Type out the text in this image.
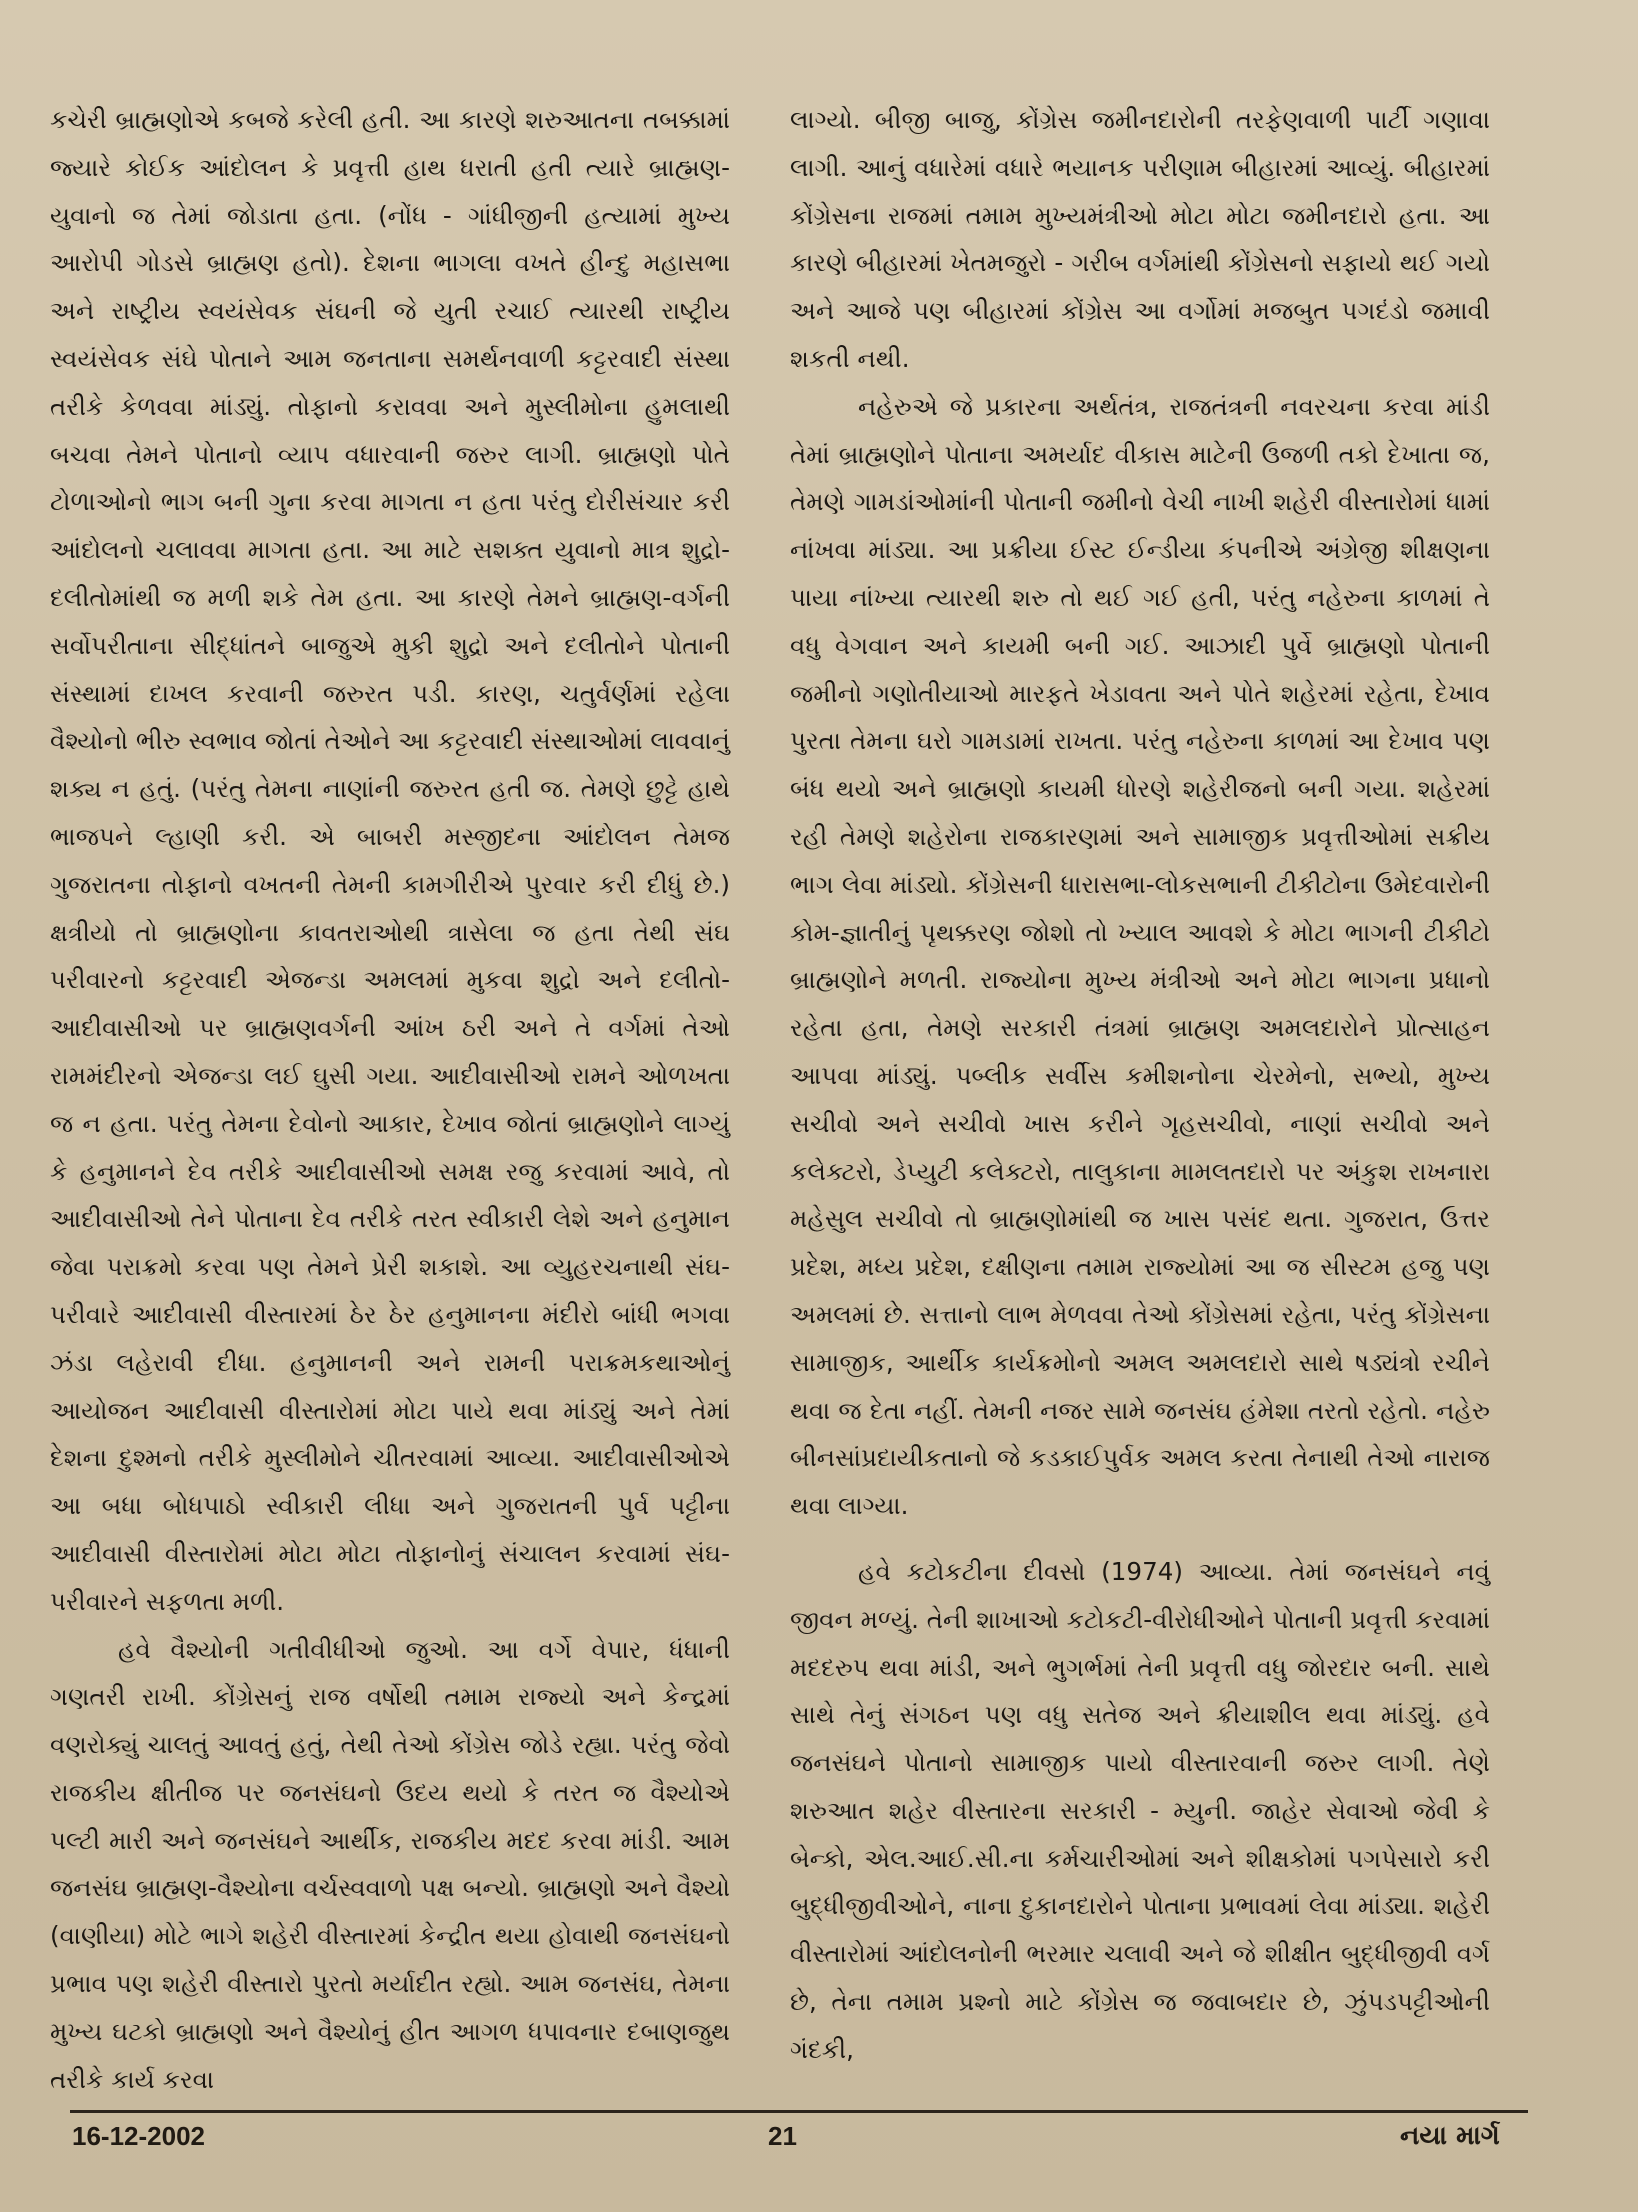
કચેરી બ્રાહ્મણોએ કબજે કરેલી હતી. આ કારણે શરુઆતના તબક્કામાં જ્યારે કોઈક આંદોલન કે પ્રવૃત્તી હાથ ધરાતી હતી ત્યારે બ્રાહ્મણ-યુવાનો જ તેમાં જોડાતા હતા. (નોંધ - ગાંધીજીની હત્યામાં મુખ્ય આરોપી ગોડસે બ્રાહ્મણ હતો). દેશના ભાગલા વખતે હીન્દુ મહાસભા અને રાષ્ટ્રીય સ્વયંસેવક સંઘની જે યુતી રચાઈ ત્યારથી રાષ્ટ્રીય સ્વયંસેવક સંઘે પોતાને આમ જનતાના સમર્થનવાળી કટ્ટરવાદી સંસ્થા તરીકે કેળવવા માંડ્યું. તોફાનો કરાવવા અને મુસ્લીમોના હુમલાથી બચવા તેમને પોતાનો વ્યાપ વધારવાની જરુર લાગી. બ્રાહ્મણો પોતે ટોળાઓનો ભાગ બની ગુના કરવા માગતા ન હતા પરંતુ દોરીસંચાર કરી આંદોલનો ચલાવવા માગતા હતા. આ માટે સશક્ત યુવાનો માત્ર શુદ્રો-દલીતોમાંથી જ મળી શકે તેમ હતા. આ કારણે તેમને બ્રાહ્મણ-વર્ગની સર્વોપરીતાના સીદ્ધાંતને બાજુએ મુકી શુદ્રો અને દલીતોને પોતાની સંસ્થામાં દાખલ કરવાની જરુરત પડી. કારણ, ચતુર્વર્ણમાં રહેલા વૈશ્યોનો ભીરુ સ્વભાવ જોતાં તેઓને આ કટ્ટરવાદી સંસ્થાઓમાં લાવવાનું શક્ય ન હતું. (પરંતુ તેમના નાણાંની જરુરત હતી જ. તેમણે છુટ્ટે હાથે ભાજપને લ્હાણી કરી. એ બાબરી મસ્જીદના આંદોલન તેમજ ગુજરાતના તોફાનો વખતની તેમની કામગીરીએ પુરવાર કરી દીધું છે.) ક્ષત્રીયો તો બ્રાહ્મણોના કાવતરાઓથી ત્રાસેલા જ હતા તેથી સંઘ પરીવારનો કટ્ટરવાદી એજન્ડા અમલમાં મુકવા શુદ્રો અને દલીતો-આદીવાસીઓ પર બ્રાહ્મણવર્ગની આંખ ઠરી અને તે વર્ગમાં તેઓ રામમંદીરનો એજન્ડા લઈ ઘુસી ગયા. આદીવાસીઓ રામને ઓળખતા જ ન હતા. પરંતુ તેમના દેવોનો આકાર, દેખાવ જોતાં બ્રાહ્મણોને લાગ્યું કે હનુમાનને દેવ તરીકે આદીવાસીઓ સમક્ષ રજુ કરવામાં આવે, તો આદીવાસીઓ તેને પોતાના દેવ તરીકે તરત સ્વીકારી લેશે અને હનુમાન જેવા પરાક્રમો કરવા પણ તેમને પ્રેરી શકાશે. આ વ્યુહરચનાથી સંઘ-પરીવારે આદીવાસી વીસ્તારમાં ઠેર ઠેર હનુમાનના મંદીરો બાંધી ભગવા ઝંડા લહેરાવી દીધા. હનુમાનની અને રામની પરાક્રમકથાઓનું આયોજન આદીવાસી વીસ્તારોમાં મોટા પાયે થવા માંડ્યું અને તેમાં દેશના દુશ્મનો તરીકે મુસ્લીમોને ચીતરવામાં આવ્યા. આદીવાસીઓએ આ બધા બોધપાઠો સ્વીકારી લીધા અને ગુજરાતની પુર્વ પટ્ટીના આદીવાસી વીસ્તારોમાં મોટા મોટા તોફાનોનું સંચાલન કરવામાં સંઘ-પરીવારને સફળતા મળી.

હવે વૈશ્યોની ગતીવીધીઓ જુઓ. આ વર્ગે વેપાર, ધંધાની ગણતરી રાખી. કોંગ્રેસનું રાજ વર્ષોથી તમામ રાજ્યો અને કેન્દ્રમાં વણરોક્યું ચાલતું આવતું હતું, તેથી તેઓ કોંગ્રેસ જોડે રહ્યા. પરંતુ જેવો રાજકીય ક્ષીતીજ પર જનસંઘનો ઉદય થયો કે તરત જ વૈશ્યોએ પલ્ટી મારી અને જનસંઘને આર્થીક, રાજકીય મદદ કરવા માંડી. આમ જનસંઘ બ્રાહ્મણ-વૈશ્યોના વર્ચસ્વવાળો પક્ષ બન્યો. બ્રાહ્મણો અને વૈશ્યો (વાણીયા) મોટે ભાગે શહેરી વીસ્તારમાં કેન્દ્રીત થયા હોવાથી જનસંઘનો પ્રભાવ પણ શહેરી વીસ્તારો પુરતો મર્યાદીત રહ્યો. આમ જનસંઘ, તેમના મુખ્ય ઘટકો બ્રાહ્મણો અને વૈશ્યોનું હીત આગળ ધપાવનાર દબાણજુથ તરીકે કાર્ય કરવા

લાગ્યો. બીજી બાજુ, કોંગ્રેસ જમીનદારોની તરફેણવાળી પાર્ટી ગણાવા લાગી. આનું વધારેમાં વધારે ભયાનક પરીણામ બીહારમાં આવ્યું. બીહારમાં કોંગ્રેસના રાજમાં તમામ મુખ્યમંત્રીઓ મોટા મોટા જમીનદારો હતા. આ કારણે બીહારમાં ખેતમજુરો - ગરીબ વર્ગમાંથી કોંગ્રેસનો સફાયો થઈ ગયો અને આજે પણ બીહારમાં કોંગ્રેસ આ વર્ગોમાં મજબુત પગદંડો જમાવી શકતી નથી.

નહેરુએ જે પ્રકારના અર્થતંત્ર, રાજતંત્રની નવરચના કરવા માંડી તેમાં બ્રાહ્મણોને પોતાના અમર્યાદ વીકાસ માટેની ઉજળી તકો દેખાતા જ, તેમણે ગામડાંઓમાંની પોતાની જમીનો વેચી નાખી શહેરી વીસ્તારોમાં ધામાં નાંખવા માંડ્યા. આ પ્રક્રીયા ઈસ્ટ ઈન્ડીયા કંપનીએ અંગ્રેજી શીક્ષણના પાયા નાંખ્યા ત્યારથી શરુ તો થઈ ગઈ હતી, પરંતુ નહેરુના કાળમાં તે વધુ વેગવાન અને કાયમી બની ગઈ. આઝાદી પુર્વે બ્રાહ્મણો પોતાની જમીનો ગણોતીયાઓ મારફતે ખેડાવતા અને પોતે શહેરમાં રહેતા, દેખાવ પુરતા તેમના ઘરો ગામડામાં રાખતા. પરંતુ નહેરુના કાળમાં આ દેખાવ પણ બંધ થયો અને બ્રાહ્મણો કાયમી ધોરણે શહેરીજનો બની ગયા. શહેરમાં રહી તેમણે શહેરોના રાજકારણમાં અને સામાજીક પ્રવૃત્તીઓમાં સક્રીય ભાગ લેવા માંડ્યો. કોંગ્રેસની ધારાસભા-લોકસભાની ટીકીટોના ઉમેદવારોની કોમ-જ્ઞાતીનું પૃથક્કરણ જોશો તો ખ્યાલ આવશે કે મોટા ભાગની ટીકીટો બ્રાહ્મણોને મળતી. રાજ્યોના મુખ્ય મંત્રીઓ અને મોટા ભાગના પ્રધાનો રહેતા હતા, તેમણે સરકારી તંત્રમાં બ્રાહ્મણ અમલદારોને પ્રોત્સાહન આપવા માંડ્યું. પબ્લીક સર્વીસ કમીશનોના ચેરમેનો, સભ્યો, મુખ્ય સચીવો અને સચીવો ખાસ કરીને ગૃહસચીવો, નાણાં સચીવો અને કલેક્ટરો, ડેપ્યુટી કલેક્ટરો, તાલુકાના મામલતદારો પર અંકુશ રાખનારા મહેસુલ સચીવો તો બ્રાહ્મણોમાંથી જ ખાસ પસંદ થતા. ગુજરાત, ઉત્તર પ્રદેશ, મધ્ય પ્રદેશ, દક્ષીણના તમામ રાજ્યોમાં આ જ સીસ્ટમ હજુ પણ અમલમાં છે. સત્તાનો લાભ મેળવવા તેઓ કોંગ્રેસમાં રહેતા, પરંતુ કોંગ્રેસના સામાજીક, આર્થીક કાર્યક્રમોનો અમલ અમલદારો સાથે ષડ્યંત્રો રચીને થવા જ દેતા નહીં. તેમની નજર સામે જનસંઘ હંમેશા તરતો રહેતો. નહેરુ બીનસાંપ્રદાયીકતાનો જે કડકાઈપુર્વક અમલ કરતા તેનાથી તેઓ નારાજ થવા લાગ્યા.

હવે કટોકટીના દીવસો (1974) આવ્યા. તેમાં જનસંઘને નવું જીવન મળ્યું. તેની શાખાઓ કટોકટી-વીરોધીઓને પોતાની પ્રવૃત્તી કરવામાં મદદરુપ થવા માંડી, અને ભુગર્ભમાં તેની પ્રવૃત્તી વધુ જોરદાર બની. સાથે સાથે તેનું સંગઠન પણ વધુ સતેજ અને ક્રીયાશીલ થવા માંડ્યું. હવે જનસંઘને પોતાનો સામાજીક પાયો વીસ્તારવાની જરુર લાગી. તેણે શરુઆત શહેર વીસ્તારના સરકારી - મ્યુની. જાહેર સેવાઓ જેવી કે બેન્કો, એલ.આઈ.સી.ના કર્મચારીઓમાં અને શીક્ષકોમાં પગપેસારો કરી બુદ્ધીજીવીઓને, નાના દુકાનદારોને પોતાના પ્રભાવમાં લેવા માંડ્યા. શહેરી વીસ્તારોમાં આંદોલનોની ભરમાર ચલાવી અને જે શીક્ષીત બુદ્ધીજીવી વર્ગ છે, તેના તમામ પ્રશ્નો માટે કોંગ્રેસ જ જવાબદાર છે, ઝુંપડપટ્ટીઓની ગંદકી,

16-12-2002	21	નયા માર્ગ
